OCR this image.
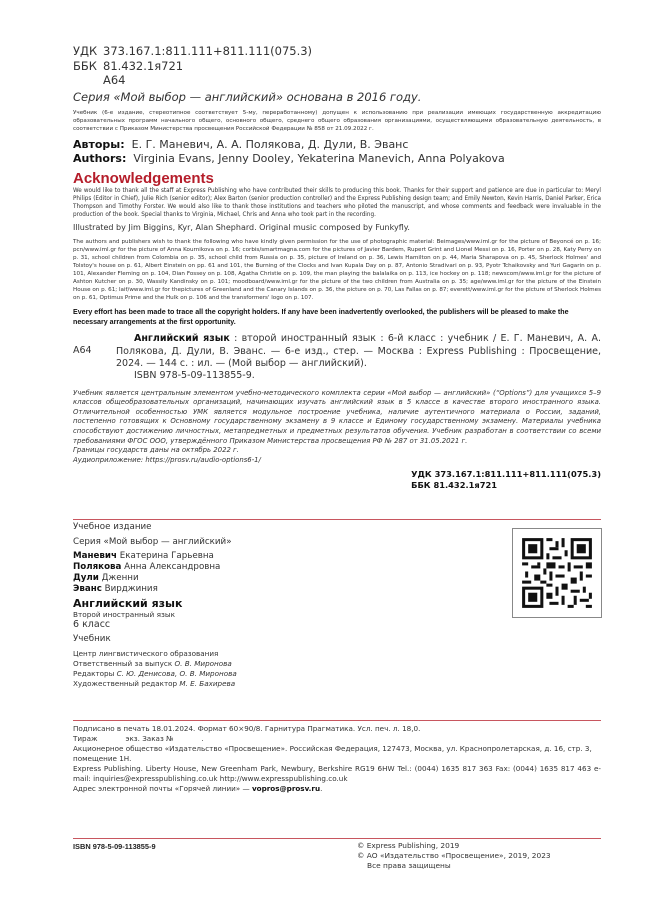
УДК 373.167.1:811.111+811.111(075.3)
ББК 81.432.1я721
А64
Серия «Мой выбор — английский» основана в 2016 году.
Учебник (6-е издание, стереотипное соответствует 5-му, переработанному) допущен к использованию при реализации имеющих государственную аккредитацию образовательных программ начального общего, основного общего, среднего общего образования организациями, осуществляющими образовательную деятельность, в соответствии с Приказом Министерства просвещения Российской Федерации № 858 от 21.09.2022 г.
Авторы: Е. Г. Маневич, А. А. Полякова, Д. Дули, В. Эванс
Authors: Virginia Evans, Jenny Dooley, Yekaterina Manevich, Anna Polyakova
Acknowledgements
We would like to thank all the staff at Express Publishing who have contributed their skills to producing this book. Thanks for their support and patience are due in particular to: Meryl Philips (Editor in Chief), Julie Rich (senior editor); Alex Barton (senior production controller) and the Express Publishing design team; and Emily Newton, Kevin Harris, Daniel Parker, Erica Thompson and Timothy Forster. We would also like to thank those institutions and teachers who piloted the manuscript, and whose comments and feedback were invaluable in the production of the book. Special thanks to Virginia, Michael, Chris and Anna who took part in the recording.
Illustrated by Jim Biggins, Kyr, Alan Shephard. Original music composed by Funkyfly.
The authors and publishers wish to thank the following who have kindly given permission for the use of photographic material: Beimages/www.iml.gr for the picture of Beyoncé on p. 16; pcn/www.iml.gr for the picture of Anna Kournikova on p. 16; corbis/smartmagna.com for the pictures of Javier Bardem, Rupert Grint and Lionel Messi on p. 16, Porter on p. 28, Katy Perry on p. 31, school children from Colombia on p. 35, school child from Russia on p. 35, picture of Ireland on p. 36, Lewis Hamilton on p. 44, Maria Sharapova on p. 45, Sherlock Holmes' and Tolstoy's house on p. 61, Albert Einstein on pp. 61 and 101, the Burning of the Clocks and Ivan Kupala Day on p. 87, Antonio Stradivari on p. 93, Pyotr Tchaikovsky and Yuri Gagarin on p. 101, Alexander Fleming on p. 104, Dian Fossey on p. 108, Agatha Christie on p. 109, the man playing the balalaika on p. 113, ice hockey on p. 118; newscom/www.iml.gr for the picture of Ashton Kutcher on p. 30, Wassily Kandinsky on p. 101; moodboard/www.iml.gr for the picture of the two children from Australia on p. 35; age/www.iml.gr for the picture of the Einstein House on p. 61; laif/www.iml.gr for thepictures of Greenland and the Canary Islands on p. 36, the picture on p. 70, Las Fallas on p. 87; everett/www.iml.gr for the picture of Sherlock Holmes on p. 61, Optimus Prime and the Hulk on p. 106 and the transformers' logo on p. 107.
Every effort has been made to trace all the copyright holders. If any have been inadvertently overlooked, the publishers will be pleased to make the necessary arrangements at the first opportunity.
А64
Английский язык : второй иностранный язык : 6-й класс : учебник / Е. Г. Маневич, А. А. Полякова, Д. Дули, В. Эванс. — 6-е изд., стер. — Москва : Express Publishing : Просвещение, 2024. — 144 с. : ил. — (Мой выбор — английский).
ISBN 978-5-09-113855-9.
Учебник является центральным элементом учебно-методического комплекта серии «Мой выбор — английский» (“Options”) для учащихся 5–9 классов общеобразовательных организаций, начинающих изучать английский язык в 5 классе в качестве второго иностранного языка. Отличительной особенностью УМК является модульное построение учебника, наличие аутентичного материала о России, заданий, постепенно готовящих к Основному государственному экзамену в 9 классе и Единому государственному экзамену. Материалы учебника способствуют достижению личностных, метапредметных и предметных результатов обучения. Учебник разработан в соответствии со всеми требованиями ФГОС ООО, утверждённого Приказом Министерства просвещения РФ № 287 от 31.05.2021 г.
Границы государств даны на октябрь 2022 г.
Аудиоприложение: https://prosv.ru/audio-options6-1/
УДК 373.167.1:811.111+811.111(075.3)
ББК 81.432.1я721
Учебное издание
Серия «Мой выбор — английский»
Маневич Екатерина Гарьевна
Полякова Анна Александровна
Дули Дженни
Эванс Вирджиния
Английский язык
Второй иностранный язык
6 класс
Учебник
Центр лингвистического образования
Ответственный за выпуск О. В. Миронова
Редакторы С. Ю. Денисова, О. В. Миронова
Художественный редактор М. Е. Бахирева

Подписано в печать 18.01.2024. Формат 60×90/8. Гарнитура Прагматика. Усл. печ. л. 18,0.

Тираж	экз. Заказ №	.

Акционерное общество «Издательство «Просвещение». Российская Федерация, 127473, Москва, ул. Краснопролетарская, д. 16, стр. 3, помещение 1Н.

Express Publishing. Liberty House, New Greenham Park, Newbury, Berkshire RG19 6HW Tel.: (0044) 1635 817 363 Fax: (0044) 1635 817 463 e-mail: inquiries@expresspublishing.co.uk http://www.expresspublishing.co.uk

Адрес электронной почты «Горячей линии» — vopros@prosv.ru.

ISBN 978-5-09-113855-9	© Express Publishing, 2019
© АО «Издательство «Просвещение», 2019, 2023
Все права защищены
